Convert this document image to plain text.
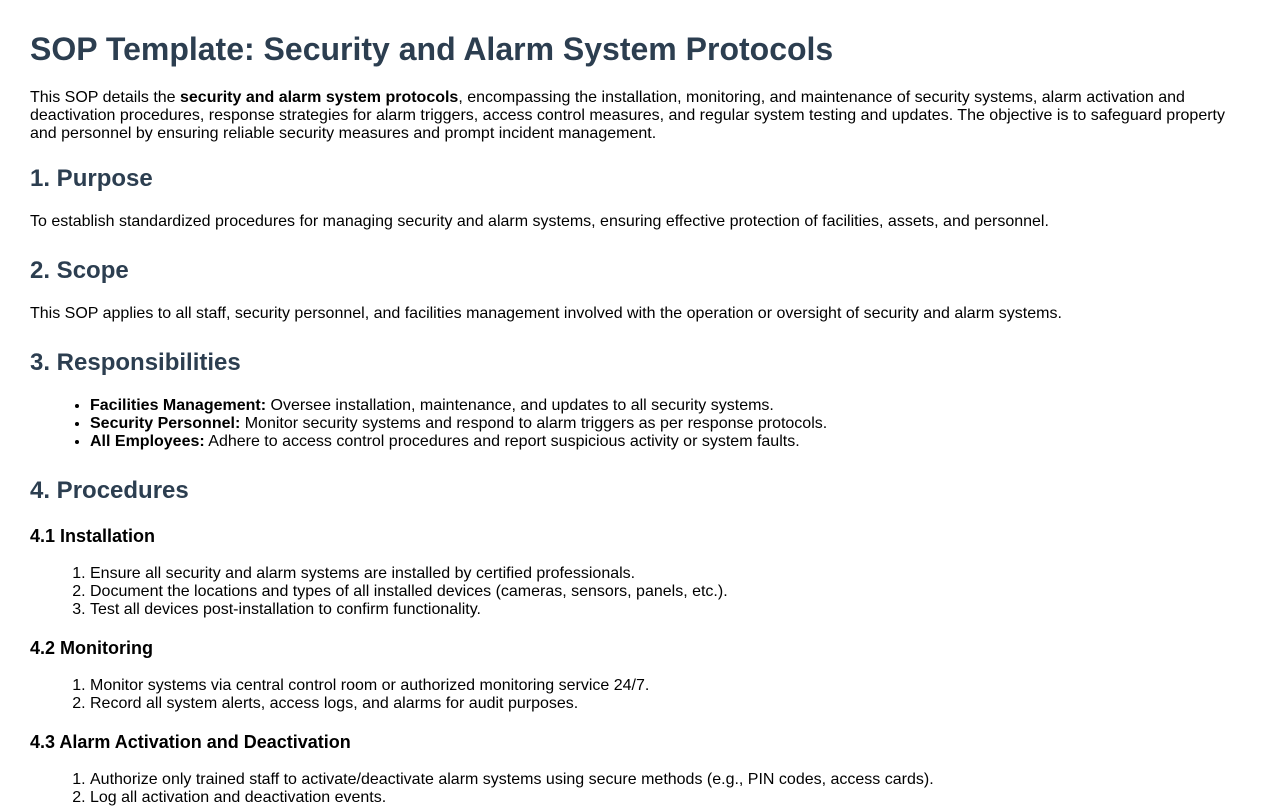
SOP Template: Security and Alarm System Protocols

This SOP details the security and alarm system protocols, encompassing the installation, monitoring, and maintenance of security systems, alarm activation and deactivation procedures, response strategies for alarm triggers, access control measures, and regular system testing and updates. The objective is to safeguard property and personnel by ensuring reliable security measures and prompt incident management.

1. Purpose

To establish standardized procedures for managing security and alarm systems, ensuring effective protection of facilities, assets, and personnel.

2. Scope

This SOP applies to all staff, security personnel, and facilities management involved with the operation or oversight of security and alarm systems.

3. Responsibilities
• Facilities Management: Oversee installation, maintenance, and updates to all security systems.
• Security Personnel: Monitor security systems and respond to alarm triggers as per response protocols.
• All Employees: Adhere to access control procedures and report suspicious activity or system faults.
4. Procedures
4.1 Installation
1. Ensure all security and alarm systems are installed by certified professionals.
2. Document the locations and types of all installed devices (cameras, sensors, panels, etc.).
3. Test all devices post-installation to confirm functionality.
4.2 Monitoring
1. Monitor systems via central control room or authorized monitoring service 24/7.
2. Record all system alerts, access logs, and alarms for audit purposes.
4.3 Alarm Activation and Deactivation
1. Authorize only trained staff to activate/deactivate alarm systems using secure methods (e.g., PIN codes, access cards).
2. Log all activation and deactivation events.
